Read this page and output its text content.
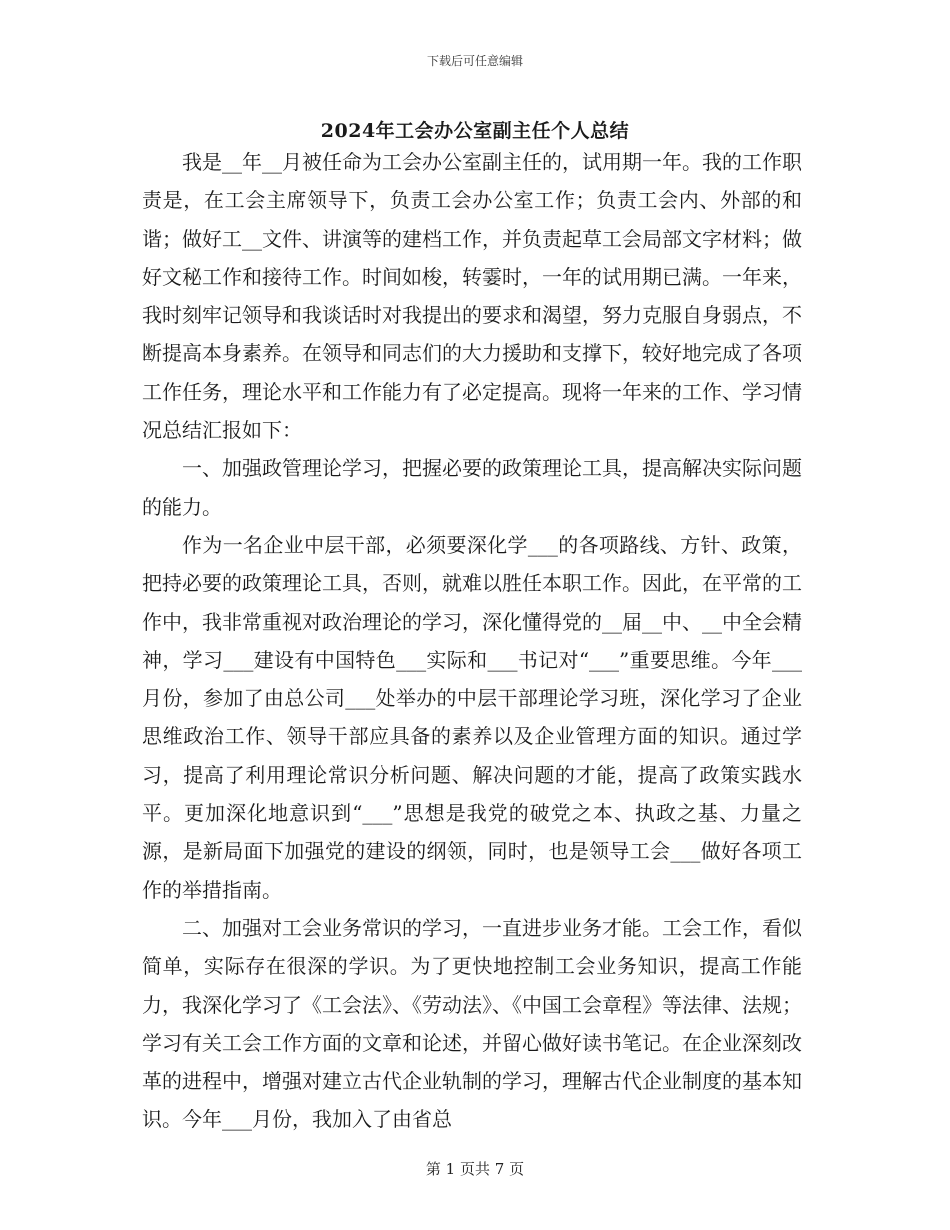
下载后可任意编辑
2024年工会办公室副主任个人总结

我是__年__月被任命为工会办公室副主任的，试用期一年。我的工作职责是，在工会主席领导下，负责工会办公室工作；负责工会内、外部的和谐；做好工__文件、讲演等的建档工作，并负责起草工会局部文字材料；做好文秘工作和接待工作。时间如梭，转霎时，一年的试用期已满。一年来，我时刻牢记领导和我谈话时对我提出的要求和渴望，努力克服自身弱点，不断提高本身素养。在领导和同志们的大力援助和支撑下，较好地完成了各项工作任务，理论水平和工作能力有了必定提高。现将一年来的工作、学习情况总结汇报如下：

一、加强政管理论学习，把握必要的政策理论工具，提高解决实际问题的能力。

作为一名企业中层干部，必须要深化学___的各项路线、方针、政策，把持必要的政策理论工具，否则，就难以胜任本职工作。因此，在平常的工作中，我非常重视对政治理论的学习，深化懂得党的__届__中、__中全会精神，学习___建设有中国特色___实际和___书记对“___”重要思维。今年___月份，参加了由总公司___处举办的中层干部理论学习班，深化学习了企业思维政治工作、领导干部应具备的素养以及企业管理方面的知识。通过学习，提高了利用理论常识分析问题、解决问题的才能，提高了政策实践水平。更加深化地意识到“___”思想是我党的破党之本、执政之基、力量之源，是新局面下加强党的建设的纲领，同时，也是领导工会___做好各项工作的举措指南。

二、加强对工会业务常识的学习，一直进步业务才能。工会工作，看似简单，实际存在很深的学识。为了更快地控制工会业务知识，提高工作能力，我深化学习了《工会法》、《劳动法》、《中国工会章程》等法律、法规；学习有关工会工作方面的文章和论述，并留心做好读书笔记。在企业深刻改革的进程中，增强对建立古代企业轨制的学习，理解古代企业制度的基本知识。今年___月份，我加入了由省总

第 1 页共 7 页
